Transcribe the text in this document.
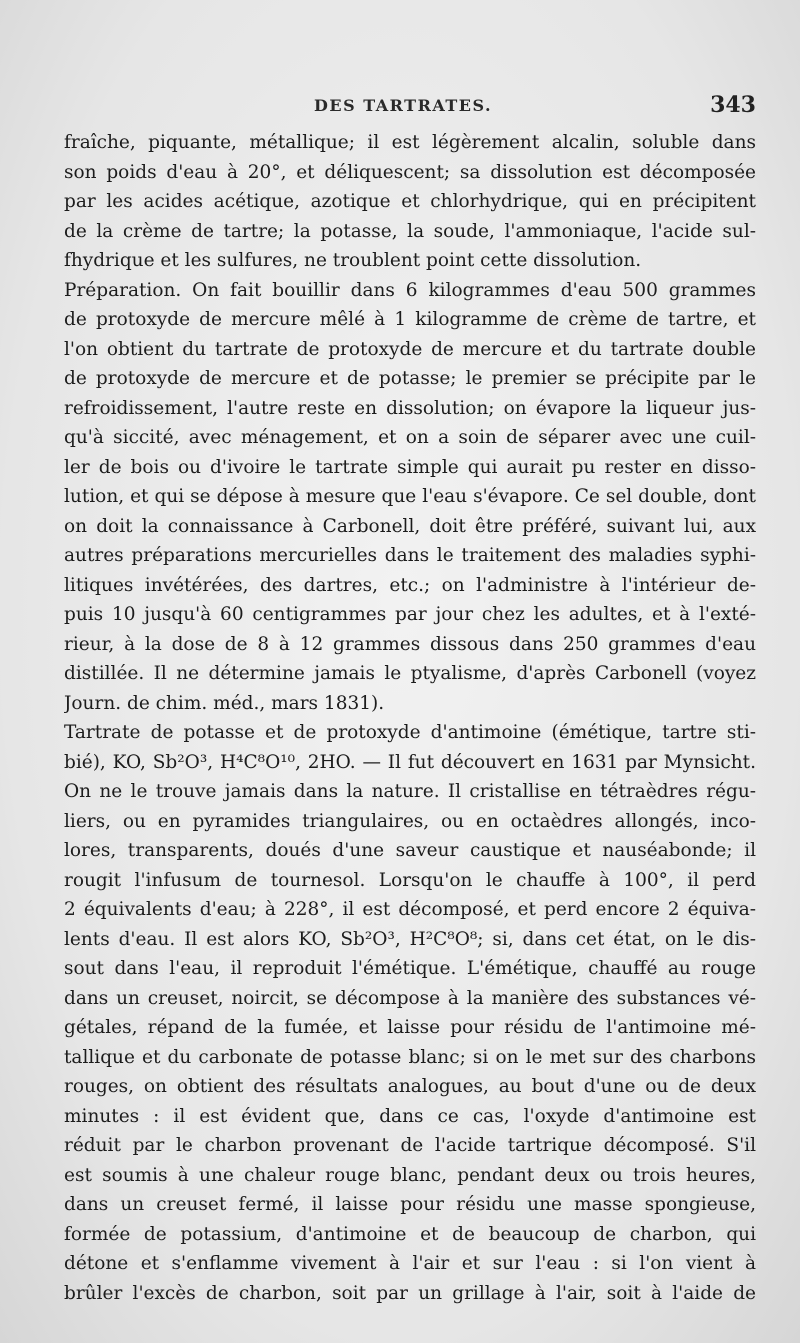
DES TARTRATES.	343
fraîche, piquante, métallique; il est légèrement alcalin, soluble dans
son poids d'eau à 20°, et déliquescent; sa dissolution est décomposée
par les acides acétique, azotique et chlorhydrique, qui en précipitent
de la crème de tartre; la potasse, la soude, l'ammoniaque, l'acide sul-
fhydrique et les sulfures, ne troublent point cette dissolution.
Préparation. On fait bouillir dans 6 kilogrammes d'eau 500 grammes
de protoxyde de mercure mêlé à 1 kilogramme de crème de tartre, et
l'on obtient du tartrate de protoxyde de mercure et du tartrate double
de protoxyde de mercure et de potasse; le premier se précipite par le
refroidissement, l'autre reste en dissolution; on évapore la liqueur jus-
qu'à siccité, avec ménagement, et on a soin de séparer avec une cuil-
ler de bois ou d'ivoire le tartrate simple qui aurait pu rester en disso-
lution, et qui se dépose à mesure que l'eau s'évapore. Ce sel double, dont
on doit la connaissance à Carbonell, doit être préféré, suivant lui, aux
autres préparations mercurielles dans le traitement des maladies syphi-
litiques invétérées, des dartres, etc.; on l'administre à l'intérieur de-
puis 10 jusqu'à 60 centigrammes par jour chez les adultes, et à l'exté-
rieur, à la dose de 8 à 12 grammes dissous dans 250 grammes d'eau
distillée. Il ne détermine jamais le ptyalisme, d'après Carbonell (voyez
Journ. de chim. méd., mars 1831).
Tartrate de potasse et de protoxyde d'antimoine (émétique, tartre sti-
bié), KO, Sb²O³, H⁴C⁸O¹⁰, 2HO. — Il fut découvert en 1631 par Mynsicht.
On ne le trouve jamais dans la nature. Il cristallise en tétraèdres régu-
liers, ou en pyramides triangulaires, ou en octaèdres allongés, inco-
lores, transparents, doués d'une saveur caustique et nauséabonde; il
rougit l'infusum de tournesol. Lorsqu'on le chauffe à 100°, il perd
2 équivalents d'eau; à 228°, il est décomposé, et perd encore 2 équiva-
lents d'eau. Il est alors KO, Sb²O³, H²C⁸O⁸; si, dans cet état, on le dis-
sout dans l'eau, il reproduit l'émétique. L'émétique, chauffé au rouge
dans un creuset, noircit, se décompose à la manière des substances vé-
gétales, répand de la fumée, et laisse pour résidu de l'antimoine mé-
tallique et du carbonate de potasse blanc; si on le met sur des charbons
rouges, on obtient des résultats analogues, au bout d'une ou de deux
minutes : il est évident que, dans ce cas, l'oxyde d'antimoine est
réduit par le charbon provenant de l'acide tartrique décomposé. S'il
est soumis à une chaleur rouge blanc, pendant deux ou trois heures,
dans un creuset fermé, il laisse pour résidu une masse spongieuse,
formée de potassium, d'antimoine et de beaucoup de charbon, qui
détone et s'enflamme vivement à l'air et sur l'eau : si l'on vient à
brûler l'excès de charbon, soit par un grillage à l'air, soit à l'aide de
